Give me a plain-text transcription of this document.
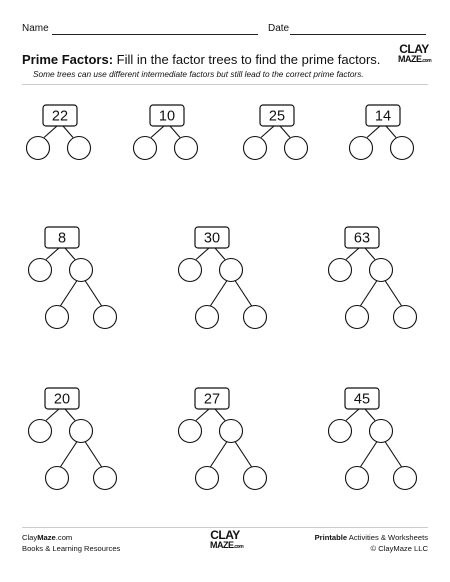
Name	Date
Prime Factors: Fill in the factor trees to find the prime factors.
Some trees can use different intermediate factors but still lead to the correct prime factors.
CLAY
MAZE.com
22	10	25	14
8	30	63
20	27	45
ClayMaze.com
Books & Learning Resources
CLAY
MAZE.com
Printable Activities & Worksheets
© ClayMaze LLC
